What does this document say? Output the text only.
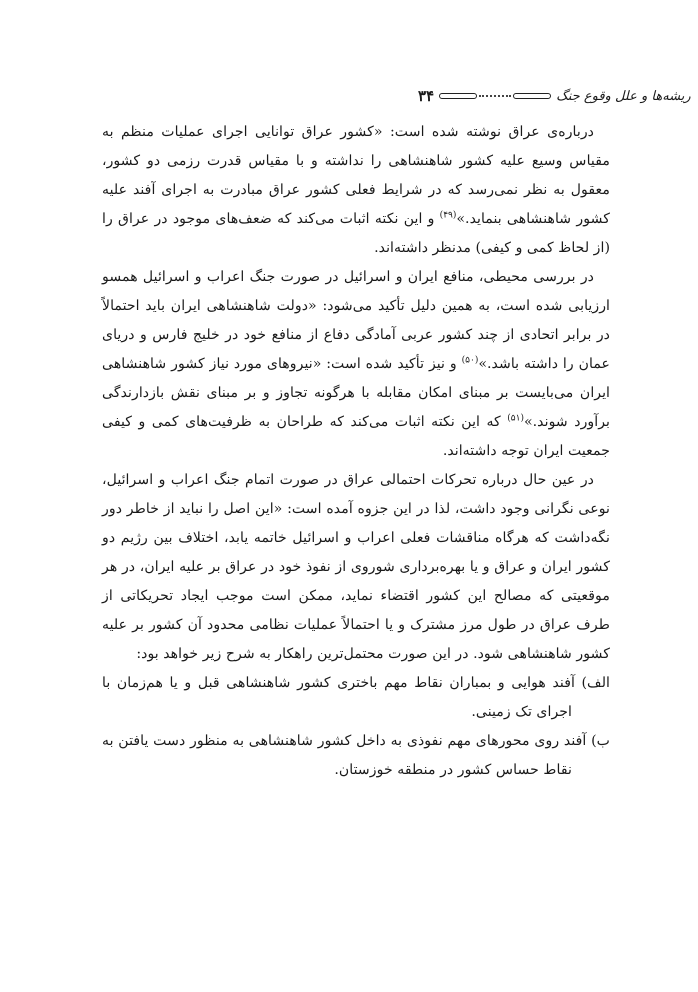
۳۴	ریشه‌ها و علل وقوع جنگ

درباره‌ی عراق نوشته شده است: «کشور عراق توانایی اجرای عملیات منظم به مقیاس وسیع علیه کشور شاهنشاهی را نداشته و با مقیاس قدرت رزمی دو کشور، معقول به نظر نمی‌رسد که در شرایط فعلی کشور عراق مبادرت به اجرای آفند علیه کشور شاهنشاهی بنماید.»$^{(۴۹)}$ و این نکته اثبات می‌کند که ضعف‌های موجود در عراق را (از لحاظ کمی و کیفی) مدنظر داشته‌اند.

در بررسی محیطی، منافع ایران و اسرائیل در صورت جنگ اعراب و اسرائیل همسو ارزیابی شده است، به همین دلیل تأکید می‌شود: «دولت شاهنشاهی ایران باید احتمالاً در برابر اتحادی از چند کشور عربی آمادگی دفاع از منافع خود در خلیج فارس و دریای عمان را داشته باشد.»$^{(۵۰)}$ و نیز تأکید شده است: «نیروهای مورد نیاز کشور شاهنشاهی ایران می‌بایست بر مبنای امکان مقابله با هرگونه تجاوز و بر مبنای نقش بازدارندگی برآورد شوند.»$^{(۵۱)}$ که این نکته اثبات می‌کند که طراحان به ظرفیت‌های کمی و کیفی جمعیت ایران توجه داشته‌اند.

در عین حال درباره تحرکات احتمالی عراق در صورت اتمام جنگ اعراب و اسرائیل، نوعی نگرانی وجود داشت، لذا در این جزوه آمده است: «این اصل را نباید از خاطر دور نگه‌داشت که هرگاه مناقشات فعلی اعراب و اسرائیل خاتمه یابد، اختلاف بین رژیم دو کشور ایران و عراق و یا بهره‌برداری شوروی از نفوذ خود در عراق بر علیه ایران، در هر موقعیتی که مصالح این کشور اقتضاء نماید، ممکن است موجب ایجاد تحریکاتی از طرف عراق در طول مرز مشترک و یا احتمالاً عملیات نظامی محدود آن کشور بر علیه کشور شاهنشاهی شود. در این صورت محتمل‌ترین راهکار به شرح زیر خواهد بود:

الف) آفند هوایی و بمباران نقاط مهم باختری کشور شاهنشاهی قبل و یا هم‌زمان با اجرای تک زمینی.

ب) آفند روی محورهای مهم نفوذی به داخل کشور شاهنشاهی به منظور دست یافتن به نقاط حساس کشور در منطقه خوزستان.
